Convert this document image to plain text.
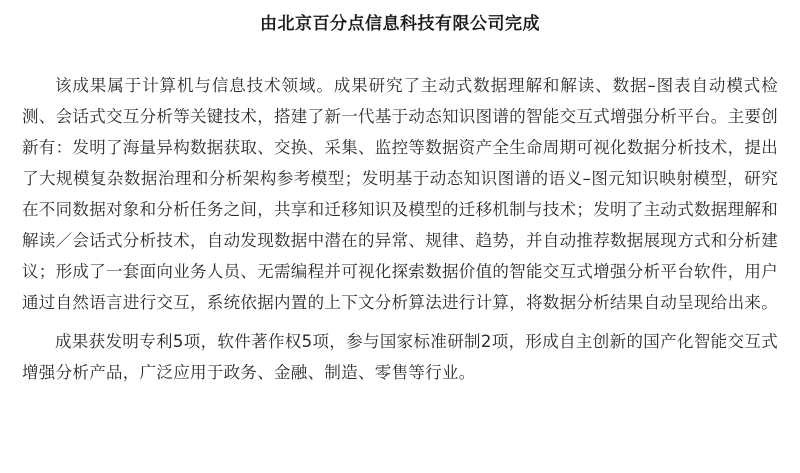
由北京百分点信息科技有限公司完成

该成果属于计算机与信息技术领域。成果研究了主动式数据理解和解读、数据–图表自动模式检测、会话式交互分析等关键技术，搭建了新一代基于动态知识图谱的智能交互式增强分析平台。主要创新有：发明了海量异构数据获取、交换、采集、监控等数据资产全生命周期可视化数据分析技术，提出了大规模复杂数据治理和分析架构参考模型；发明基于动态知识图谱的语义–图元知识映射模型，研究在不同数据对象和分析任务之间，共享和迁移知识及模型的迁移机制与技术；发明了主动式数据理解和解读／会话式分析技术，自动发现数据中潜在的异常、规律、趋势，并自动推荐数据展现方式和分析建议；形成了一套面向业务人员、无需编程并可视化探索数据价值的智能交互式增强分析平台软件，用户通过自然语言进行交互，系统依据内置的上下文分析算法进行计算，将数据分析结果自动呈现给出来。

成果获发明专利5项，软件著作权5项，参与国家标准研制2项，形成自主创新的国产化智能交互式增强分析产品，广泛应用于政务、金融、制造、零售等行业。
